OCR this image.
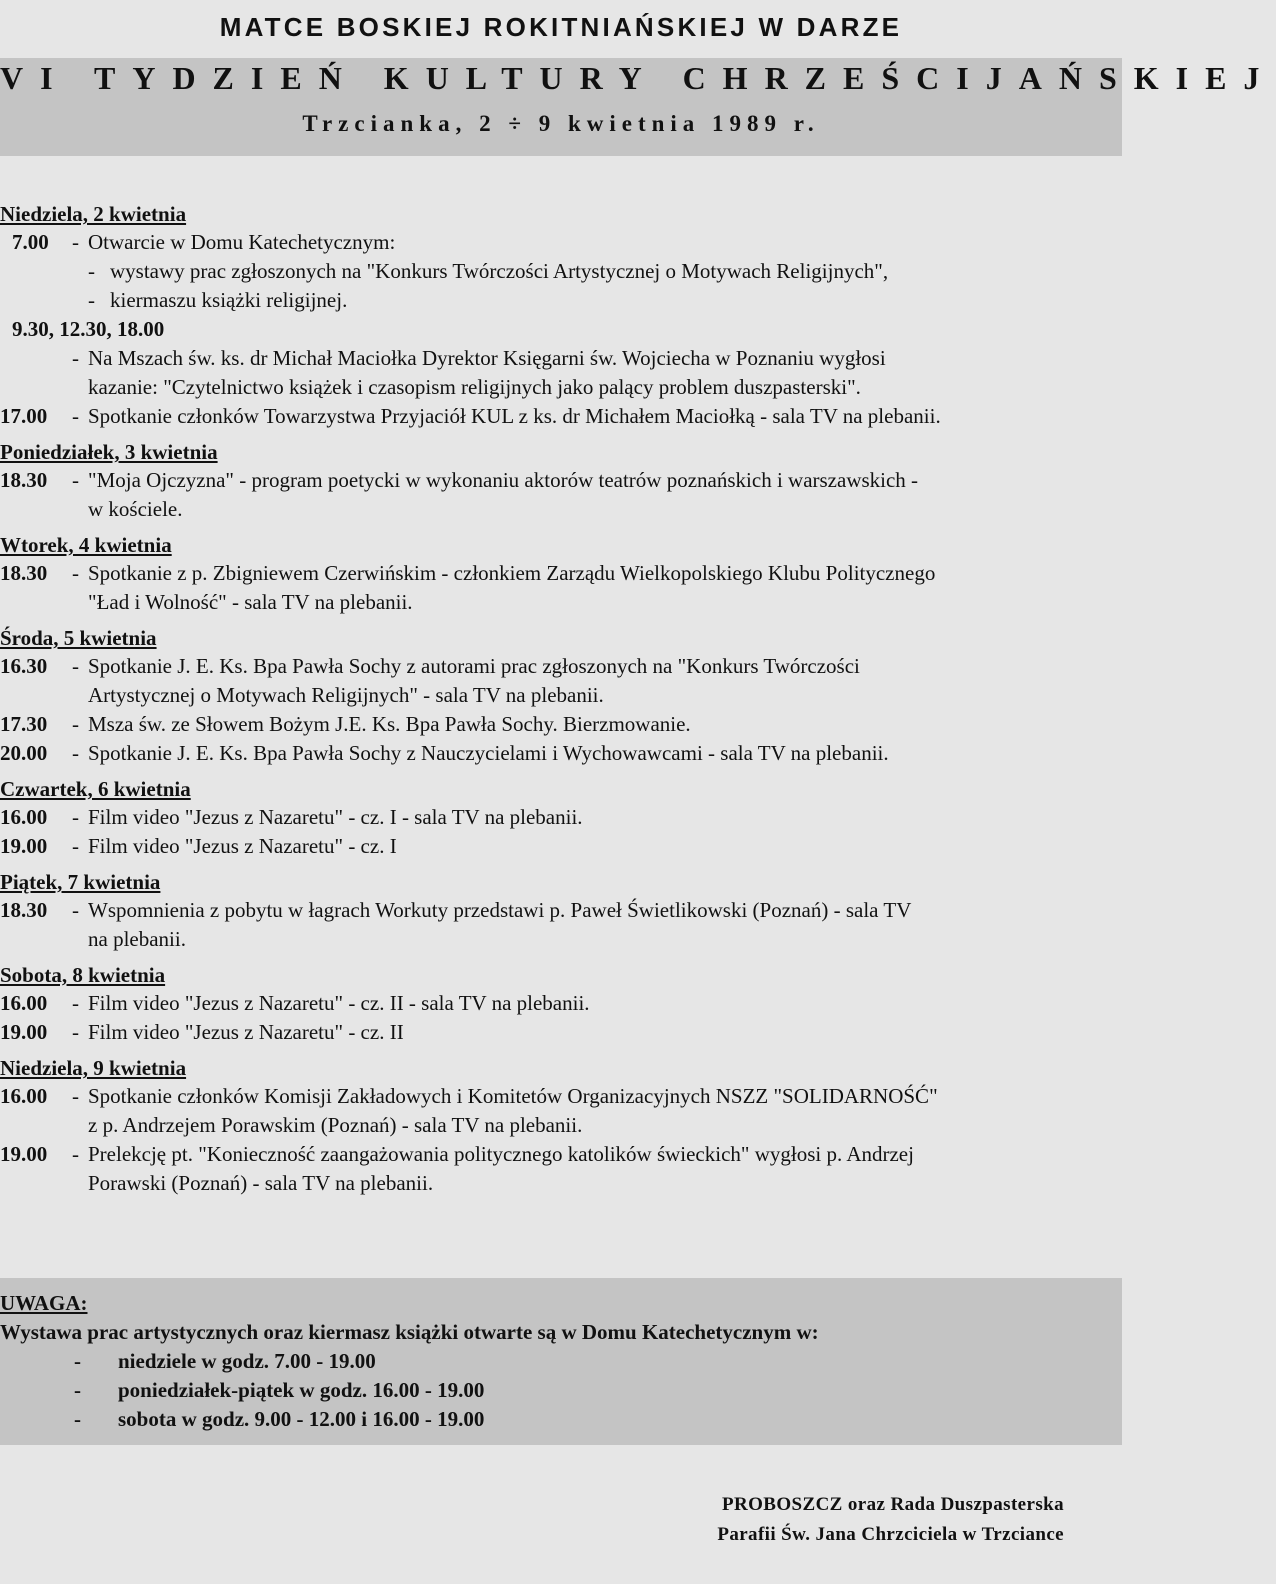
MATCE BOSKIEJ ROKITNIAŃSKIEJ W DARZE
VI TYDZIEŃ KULTURY CHRZEŚCIJAŃSKIEJ
Trzcianka, 2 ÷ 9 kwietnia 1989 r.
Niedziela, 2 kwietnia
7.00	- Otwarcie w Domu Katechetycznym:
- wystawy prac zgłoszonych na "Konkurs Twórczości Artystycznej o Motywach Religijnych",
- kiermaszu książki religijnej.
9.30, 12.30, 18.00
- Na Mszach św. ks. dr Michał Maciołka Dyrektor Księgarni św. Wojciecha w Poznaniu wygłosi
kazanie: "Czytelnictwo książek i czasopism religijnych jako palący problem duszpasterski".
17.00	- Spotkanie członków Towarzystwa Przyjaciół KUL z ks. dr Michałem Maciołką - sala TV na plebanii.
Poniedziałek, 3 kwietnia
18.30	- "Moja Ojczyzna" - program poetycki w wykonaniu aktorów teatrów poznańskich i warszawskich -
w kościele.
Wtorek, 4 kwietnia
18.30	- Spotkanie z p. Zbigniewem Czerwińskim - członkiem Zarządu Wielkopolskiego Klubu Politycznego
"Ład i Wolność" - sala TV na plebanii.
Środa, 5 kwietnia
16.30	- Spotkanie J. E. Ks. Bpa Pawła Sochy z autorami prac zgłoszonych na "Konkurs Twórczości
Artystycznej o Motywach Religijnych" - sala TV na plebanii.
17.30	- Msza św. ze Słowem Bożym J.E. Ks. Bpa Pawła Sochy. Bierzmowanie.
20.00	- Spotkanie J. E. Ks. Bpa Pawła Sochy z Nauczycielami i Wychowawcami - sala TV na plebanii.
Czwartek, 6 kwietnia
16.00	- Film video "Jezus z Nazaretu" - cz. I - sala TV na plebanii.
19.00	- Film video "Jezus z Nazaretu" - cz. I
Piątek, 7 kwietnia
18.30	- Wspomnienia z pobytu w łagrach Workuty przedstawi p. Paweł Świetlikowski (Poznań) - sala TV
na plebanii.
Sobota, 8 kwietnia
16.00	- Film video "Jezus z Nazaretu" - cz. II - sala TV na plebanii.
19.00	- Film video "Jezus z Nazaretu" - cz. II
Niedziela, 9 kwietnia
16.00	- Spotkanie członków Komisji Zakładowych i Komitetów Organizacyjnych NSZZ "SOLIDARNOŚĆ"
z p. Andrzejem Porawskim (Poznań) - sala TV na plebanii.
19.00	- Prelekcję pt. "Konieczność zaangażowania politycznego katolików świeckich" wygłosi p. Andrzej
Porawski (Poznań) - sala TV na plebanii.
UWAGA:
Wystawa prac artystycznych oraz kiermasz książki otwarte są w Domu Katechetycznym w:
-	niedziele w godz. 7.00 - 19.00
-	poniedziałek-piątek w godz. 16.00 - 19.00
-	sobota w godz. 9.00 - 12.00 i 16.00 - 19.00
PROBOSZCZ oraz Rada Duszpasterska
Parafii Św. Jana Chrzciciela w Trzciance
